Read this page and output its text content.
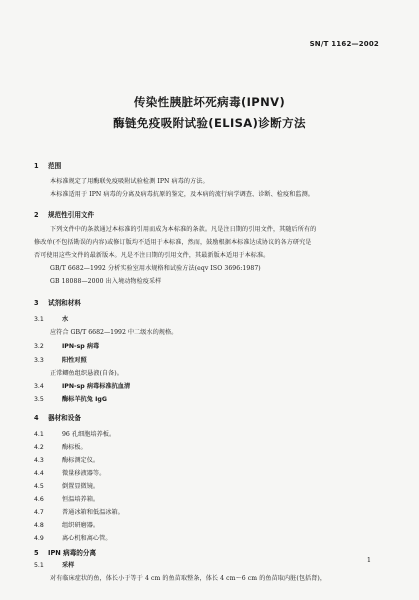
SN/T 1162—2002
传染性胰脏坏死病毒(IPNV)
酶链免疫吸附试验(ELISA)诊断方法
1 范围
本标准规定了用酶联免疫吸附试验检测 IPN 病毒的方法。
本标准适用于 IPN 病毒的分离及病毒抗原的鉴定，及本病的流行病学调查、诊断、检疫和监测。
2 规范性引用文件
下列文件中的条款通过本标准的引用而成为本标准的条款。凡是注日期的引用文件，其随后所有的
修改单(不包括勘误的内容)或修订版均不适用于本标准，然而，鼓励根据本标准达成协议的各方研究是
否可使用这些文件的最新版本。凡是不注日期的引用文件，其最新版本适用于本标准。
GB/T 6682—1992 分析实验室用水规格和试验方法(eqv ISO 3696:1987)
GB 18088—2000 出入境动物检疫采样
3 试剂和材料
3.1	水
应符合 GB/T 6682—1992 中二级水的规格。
3.2	IPN-sp 病毒
3.3	阳性对照
正常鲫鱼组织悬液(自备)。
3.4	IPN-sp 病毒标准抗血清
3.5	酶标羊抗兔 IgG
4 器材和设备
4.1	96 孔细胞培养板。
4.2	酶标板。
4.3	酶标测定仪。
4.4	微量移液器等。
4.5	倒置显微镜。
4.6	恒温培养箱。
4.7	普通冰箱和低温冰箱。
4.8	组织研磨器。
4.9	离心机和离心管。
5 IPN 病毒的分离
5.1	采样
对有临床症状的鱼，体长小于等于 4 cm 的鱼苗取整条，体长 4 cm～6 cm 的鱼苗取内脏(包括肾)，
1
